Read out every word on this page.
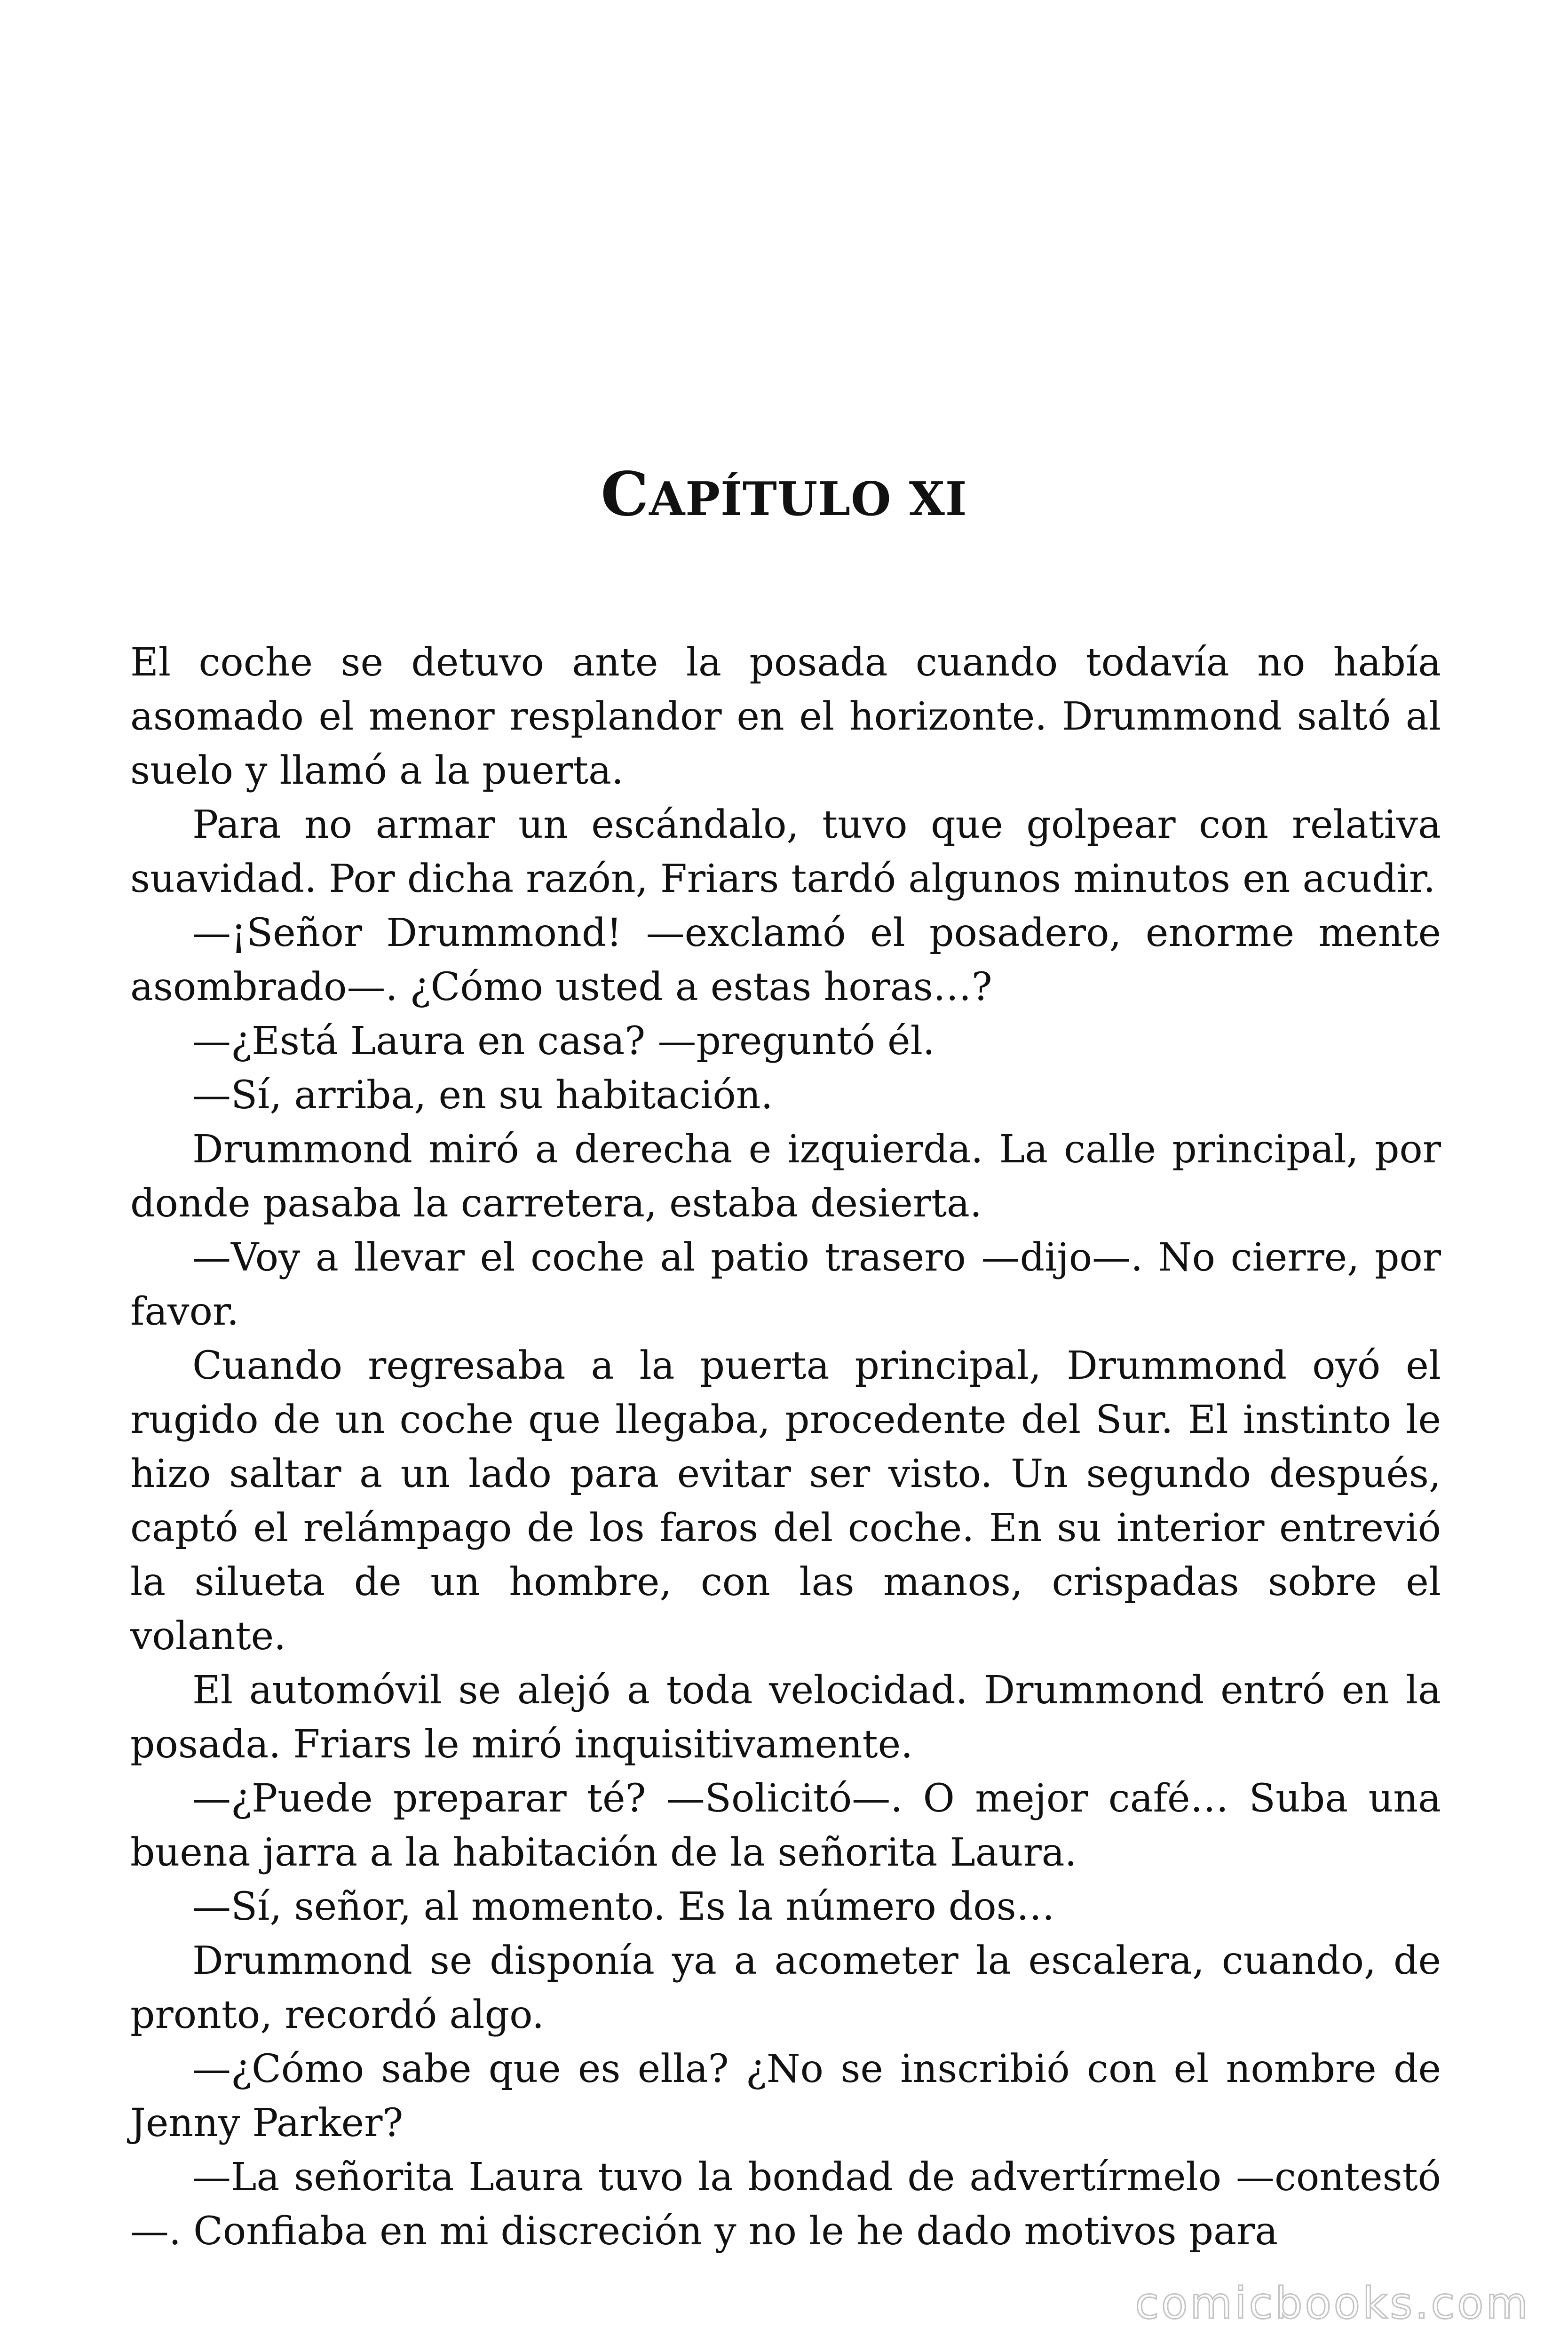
CAPÍTULO XI

El coche se detuvo ante la posada cuando todavía no había asomado el menor resplandor en el horizonte. Drummond saltó al suelo y llamó a la puerta.

Para no armar un escándalo, tuvo que golpear con relativa suavidad. Por dicha razón, Friars tardó algunos minutos en acudir.

—¡Señor Drummond! —exclamó el posadero, enorme mente asombrado—. ¿Cómo usted a estas horas…?

—¿Está Laura en casa? —preguntó él.

—Sí, arriba, en su habitación.

Drummond miró a derecha e izquierda. La calle principal, por donde pasaba la carretera, estaba desierta.

—Voy a llevar el coche al patio trasero —dijo—. No cierre, por favor.

Cuando regresaba a la puerta principal, Drummond oyó el rugido de un coche que llegaba, procedente del Sur. El instinto le hizo saltar a un lado para evitar ser visto. Un segundo después, captó el relámpago de los faros del coche. En su interior entrevió la silueta de un hombre, con las manos, crispadas sobre el volante.

El automóvil se alejó a toda velocidad. Drummond entró en la posada. Friars le miró inquisitivamente.

—¿Puede preparar té? —Solicitó—. O mejor café… Suba una buena jarra a la habitación de la señorita Laura.

—Sí, señor, al momento. Es la número dos…

Drummond se disponía ya a acometer la escalera, cuando, de pronto, recordó algo.

—¿Cómo sabe que es ella? ¿No se inscribió con el nombre de Jenny Parker?

—La señorita Laura tuvo la bondad de advertírmelo —contestó —. Confiaba en mi discreción y no le he dado motivos para

comicbooks.com
